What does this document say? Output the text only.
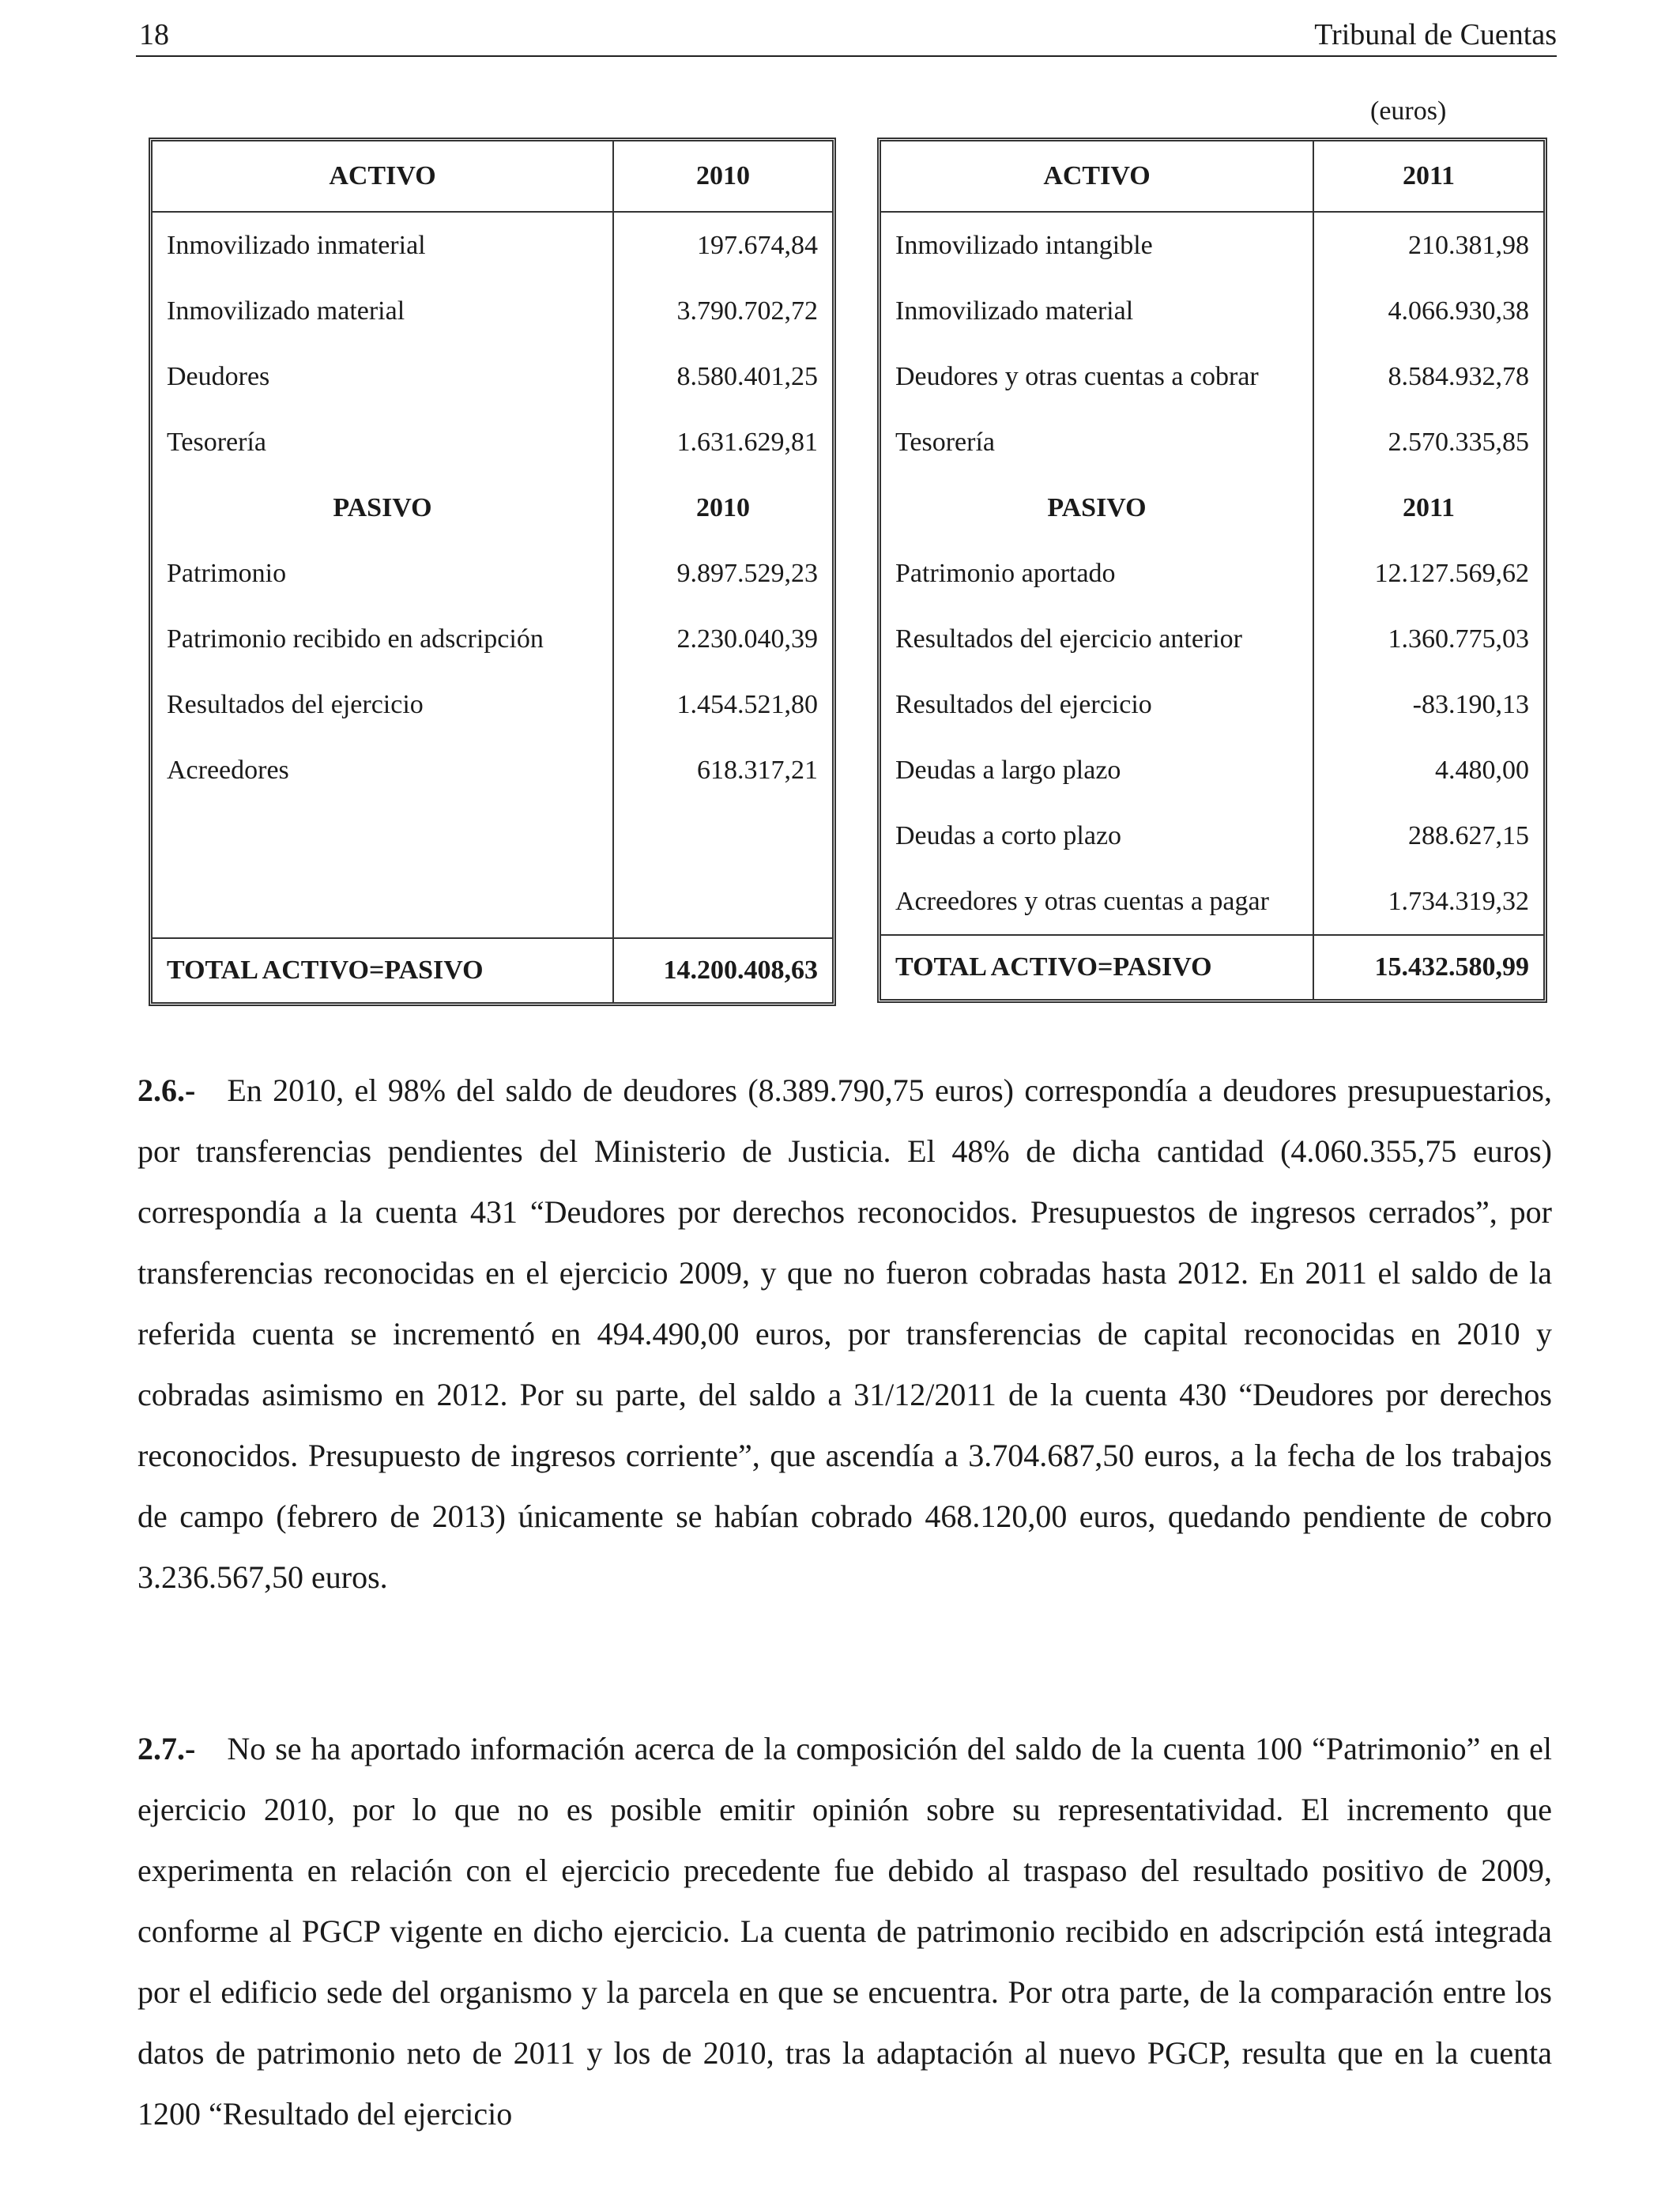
18	Tribunal de Cuentas
(euros)
ACTIVO	2010
Inmovilizado inmaterial	197.674,84
Inmovilizado material	3.790.702,72
Deudores	8.580.401,25
Tesorería	1.631.629,81
PASIVO	2010
Patrimonio	9.897.529,23
Patrimonio recibido en adscripción	2.230.040,39
Resultados del ejercicio	1.454.521,80
Acreedores	618.317,21

TOTAL ACTIVO=PASIVO	14.200.408,63
ACTIVO	2011
Inmovilizado intangible	210.381,98
Inmovilizado material	4.066.930,38
Deudores y otras cuentas a cobrar	8.584.932,78
Tesorería	2.570.335,85
PASIVO	2011
Patrimonio aportado	12.127.569,62
Resultados del ejercicio anterior	1.360.775,03
Resultados del ejercicio	-83.190,13
Deudas a largo plazo	4.480,00
Deudas a corto plazo	288.627,15
Acreedores y otras cuentas a pagar	1.734.319,32
TOTAL ACTIVO=PASIVO	15.432.580,99

2.6.- En 2010, el 98% del saldo de deudores (8.389.790,75 euros) correspondía a deudores presupuestarios, por transferencias pendientes del Ministerio de Justicia. El 48% de dicha cantidad (4.060.355,75 euros) correspondía a la cuenta 431 “Deudores por derechos reconocidos. Presupuestos de ingresos cerrados”, por transferencias reconocidas en el ejercicio 2009, y que no fueron cobradas hasta 2012. En 2011 el saldo de la referida cuenta se incrementó en 494.490,00 euros, por transferencias de capital reconocidas en 2010 y cobradas asimismo en 2012. Por su parte, del saldo a 31/12/2011 de la cuenta 430 “Deudores por derechos reconocidos. Presupuesto de ingresos corriente”, que ascendía a 3.704.687,50 euros, a la fecha de los trabajos de campo (febrero de 2013) únicamente se habían cobrado 468.120,00 euros, quedando pendiente de cobro 3.236.567,50 euros.

2.7.- No se ha aportado información acerca de la composición del saldo de la cuenta 100 “Patrimonio” en el ejercicio 2010, por lo que no es posible emitir opinión sobre su representatividad. El incremento que experimenta en relación con el ejercicio precedente fue debido al traspaso del resultado positivo de 2009, conforme al PGCP vigente en dicho ejercicio. La cuenta de patrimonio recibido en adscripción está integrada por el edificio sede del organismo y la parcela en que se encuentra. Por otra parte, de la comparación entre los datos de patrimonio neto de 2011 y los de 2010, tras la adaptación al nuevo PGCP, resulta que en la cuenta 1200 “Resultado del ejercicio
